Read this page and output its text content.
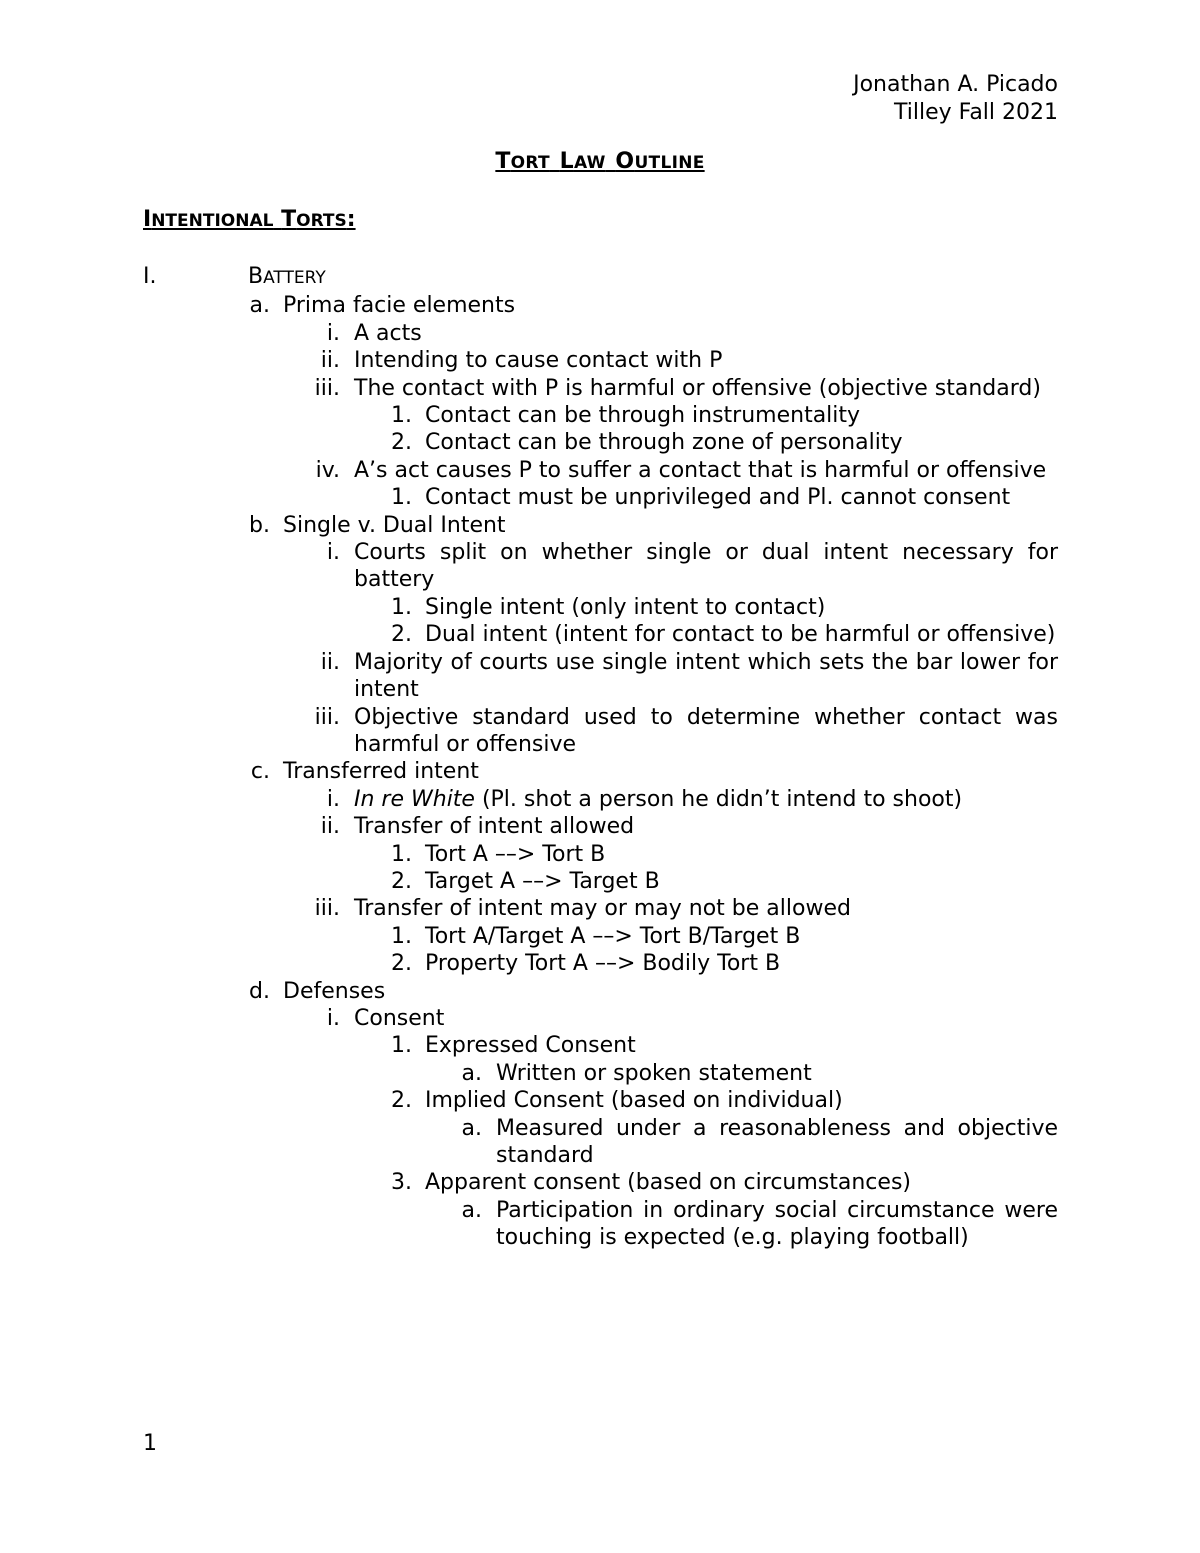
Jonathan A. Picado
Tilley Fall 2021
TORT LAW OUTLINE
INTENTIONAL TORTS:
I.	BATTERY
a. Prima facie elements
i. A acts
ii. Intending to cause contact with P
iii. The contact with P is harmful or offensive (objective standard)
1. Contact can be through instrumentality
2. Contact can be through zone of personality
iv. A’s act causes P to suffer a contact that is harmful or offensive
1. Contact must be unprivileged and Pl. cannot consent
b. Single v. Dual Intent
i. Courts split on whether single or dual intent necessary for battery
1. Single intent (only intent to contact)
2. Dual intent (intent for contact to be harmful or offensive)
ii. Majority of courts use single intent which sets the bar lower for intent
iii. Objective standard used to determine whether contact was harmful or offensive
c. Transferred intent
i. In re White (Pl. shot a person he didn’t intend to shoot)
ii. Transfer of intent allowed
1. Tort A ––> Tort B
2. Target A ––> Target B
iii. Transfer of intent may or may not be allowed
1. Tort A/Target A ––> Tort B/Target B
2. Property Tort A ––> Bodily Tort B
d. Defenses
i. Consent
1. Expressed Consent
a. Written or spoken statement
2. Implied Consent (based on individual)
a. Measured under a reasonableness and objective standard
3. Apparent consent (based on circumstances)
a. Participation in ordinary social circumstance were touching is expected (e.g. playing football)
1
